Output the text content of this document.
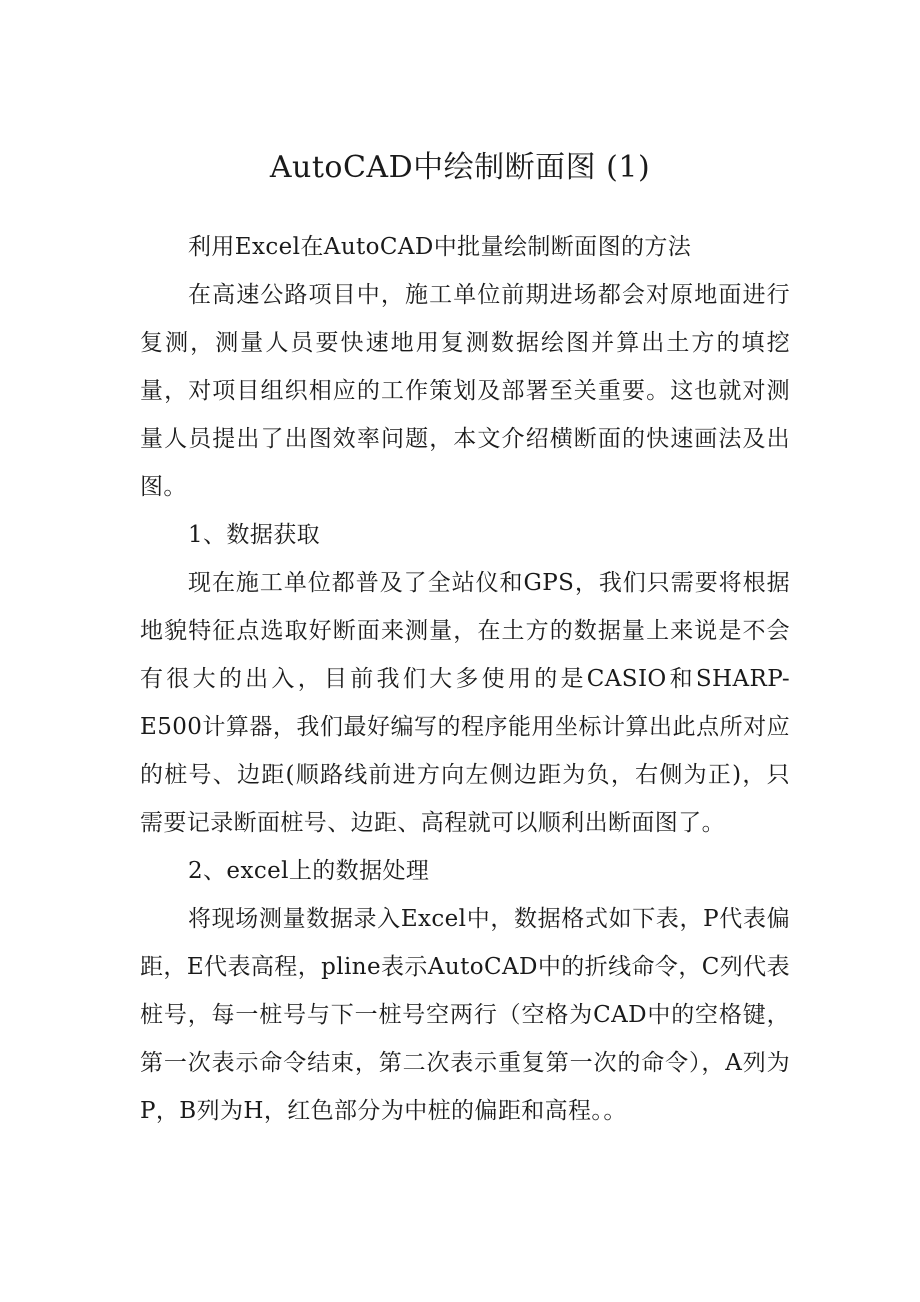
AutoCAD中绘制断面图 (1)

利用Excel在AutoCAD中批量绘制断面图的方法

在高速公路项目中，施工单位前期进场都会对原地面进行复测，测量人员要快速地用复测数据绘图并算出土方的填挖量，对项目组织相应的工作策划及部署至关重要。这也就对测量人员提出了出图效率问题，本文介绍横断面的快速画法及出图。

1、数据获取

现在施工单位都普及了全站仪和GPS，我们只需要将根据地貌特征点选取好断面来测量，在土方的数据量上来说是不会有很大的出入，目前我们大多使用的是CASIO和SHARP-E500计算器，我们最好编写的程序能用坐标计算出此点所对应的桩号、边距(顺路线前进方向左侧边距为负，右侧为正)，只需要记录断面桩号、边距、高程就可以顺利出断面图了。

2、excel上的数据处理

将现场测量数据录入Excel中，数据格式如下表，P代表偏距，E代表高程，pline表示AutoCAD中的折线命令，C列代表桩号，每一桩号与下一桩号空两行（空格为CAD中的空格键，第一次表示命令结束，第二次表示重复第一次的命令），A列为P，B列为H，红色部分为中桩的偏距和高程。。
